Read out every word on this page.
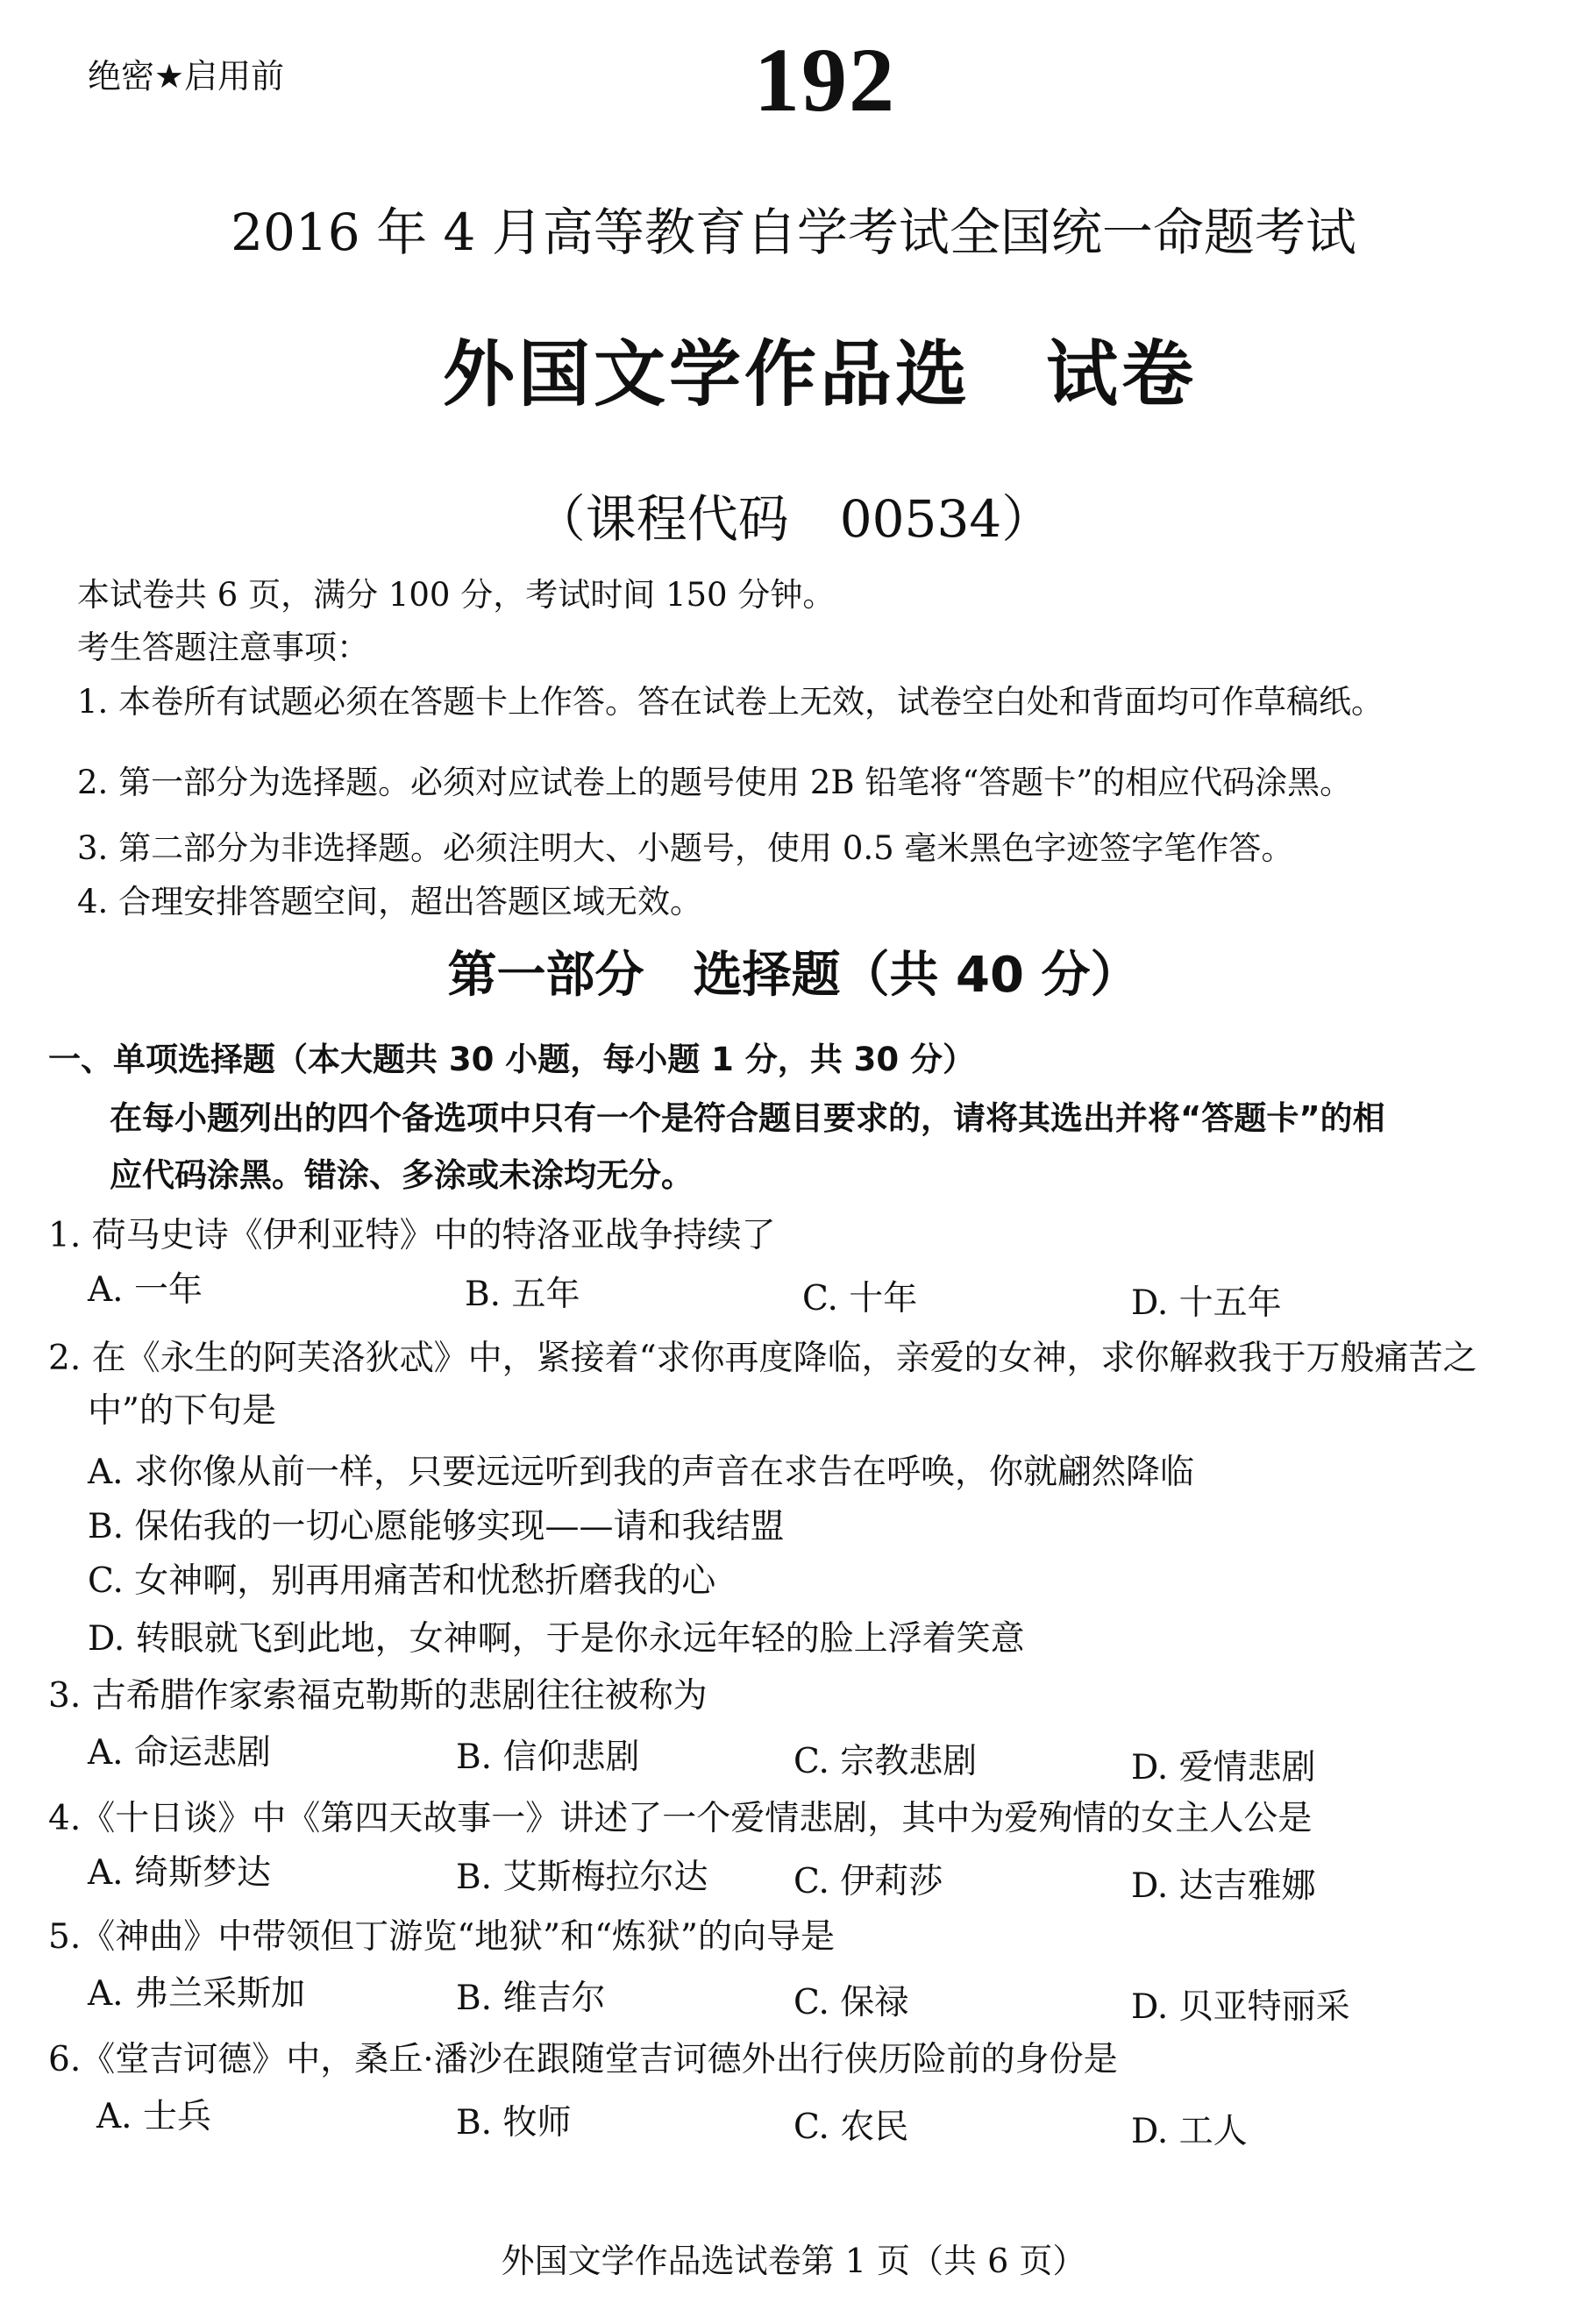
绝密★启用前	192
2016 年 4 月高等教育自学考试全国统一命题考试
外国文学作品选　试卷
（课程代码　00534）
本试卷共 6 页，满分 100 分，考试时间 150 分钟。
考生答题注意事项：
1. 本卷所有试题必须在答题卡上作答。答在试卷上无效，试卷空白处和背面均可作草稿纸。
2. 第一部分为选择题。必须对应试卷上的题号使用 2B 铅笔将“答题卡”的相应代码涂黑。
3. 第二部分为非选择题。必须注明大、小题号，使用 0.5 毫米黑色字迹签字笔作答。
4. 合理安排答题空间，超出答题区域无效。
第一部分　选择题（共 40 分）
一、单项选择题（本大题共 30 小题，每小题 1 分，共 30 分）
在每小题列出的四个备选项中只有一个是符合题目要求的，请将其选出并将“答题卡”的相
应代码涂黑。错涂、多涂或未涂均无分。
1. 荷马史诗《伊利亚特》中的特洛亚战争持续了
A. 一年	B. 五年	C. 十年	D. 十五年
2. 在《永生的阿芙洛狄忒》中，紧接着“求你再度降临，亲爱的女神，求你解救我于万般痛苦之
中”的下句是
A. 求你像从前一样，只要远远听到我的声音在求告在呼唤，你就翩然降临
B. 保佑我的一切心愿能够实现——请和我结盟
C. 女神啊，别再用痛苦和忧愁折磨我的心
D. 转眼就飞到此地，女神啊，于是你永远年轻的脸上浮着笑意
3. 古希腊作家索福克勒斯的悲剧往往被称为
A. 命运悲剧	B. 信仰悲剧	C. 宗教悲剧	D. 爱情悲剧
4.《十日谈》中《第四天故事一》讲述了一个爱情悲剧，其中为爱殉情的女主人公是
A. 绮斯梦达	B. 艾斯梅拉尔达	C. 伊莉莎	D. 达吉雅娜
5.《神曲》中带领但丁游览“地狱”和“炼狱”的向导是
A. 弗兰采斯加	B. 维吉尔	C. 保禄	D. 贝亚特丽采
6.《堂吉诃德》中，桑丘·潘沙在跟随堂吉诃德外出行侠历险前的身份是
A. 士兵	B. 牧师	C. 农民	D. 工人
外国文学作品选试卷第 1 页（共 6 页）
